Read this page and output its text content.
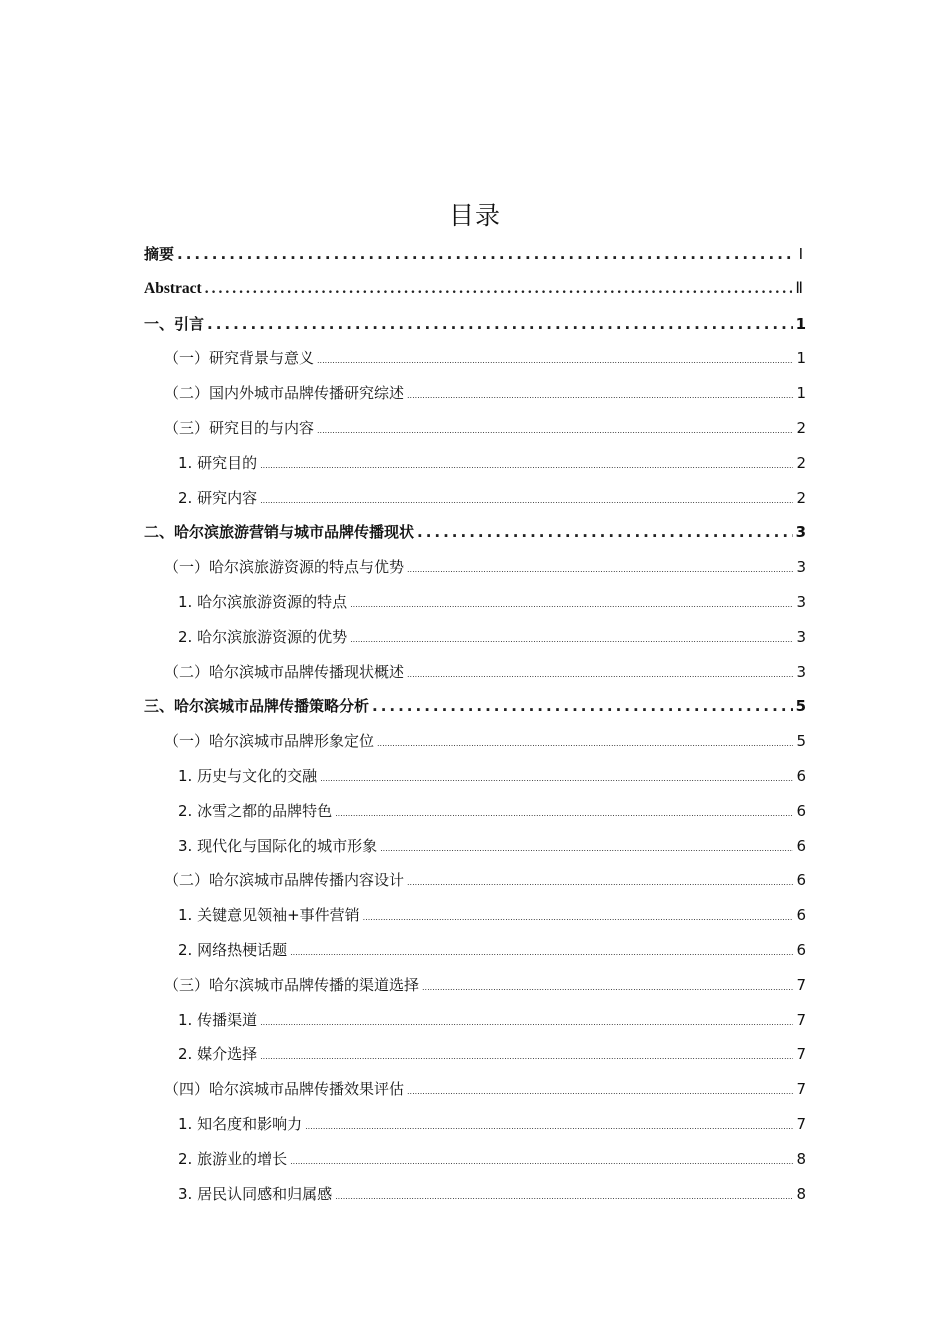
目录
摘要 .....	Ⅰ
Abstract .....	Ⅱ
一、引言 .....	1
（一）研究背景与意义 .....	1
（二）国内外城市品牌传播研究综述 .....	1
（三）研究目的与内容 .....	2
1. 研究目的 .....	2
2. 研究内容 .....	2
二、哈尔滨旅游营销与城市品牌传播现状 .....	3
（一）哈尔滨旅游资源的特点与优势 .....	3
1. 哈尔滨旅游资源的特点 .....	3
2. 哈尔滨旅游资源的优势 .....	3
（二）哈尔滨城市品牌传播现状概述 .....	3
三、哈尔滨城市品牌传播策略分析 .....	5
（一）哈尔滨城市品牌形象定位 .....	5
1. 历史与文化的交融 .....	6
2. 冰雪之都的品牌特色 .....	6
3. 现代化与国际化的城市形象 .....	6
（二）哈尔滨城市品牌传播内容设计 .....	6
1. 关键意见领袖+事件营销 .....	6
2. 网络热梗话题 .....	6
（三）哈尔滨城市品牌传播的渠道选择 .....	7
1. 传播渠道 .....	7
2. 媒介选择 .....	7
（四）哈尔滨城市品牌传播效果评估 .....	7
1. 知名度和影响力 .....	7
2. 旅游业的增长 .....	8
3. 居民认同感和归属感 .....	8
